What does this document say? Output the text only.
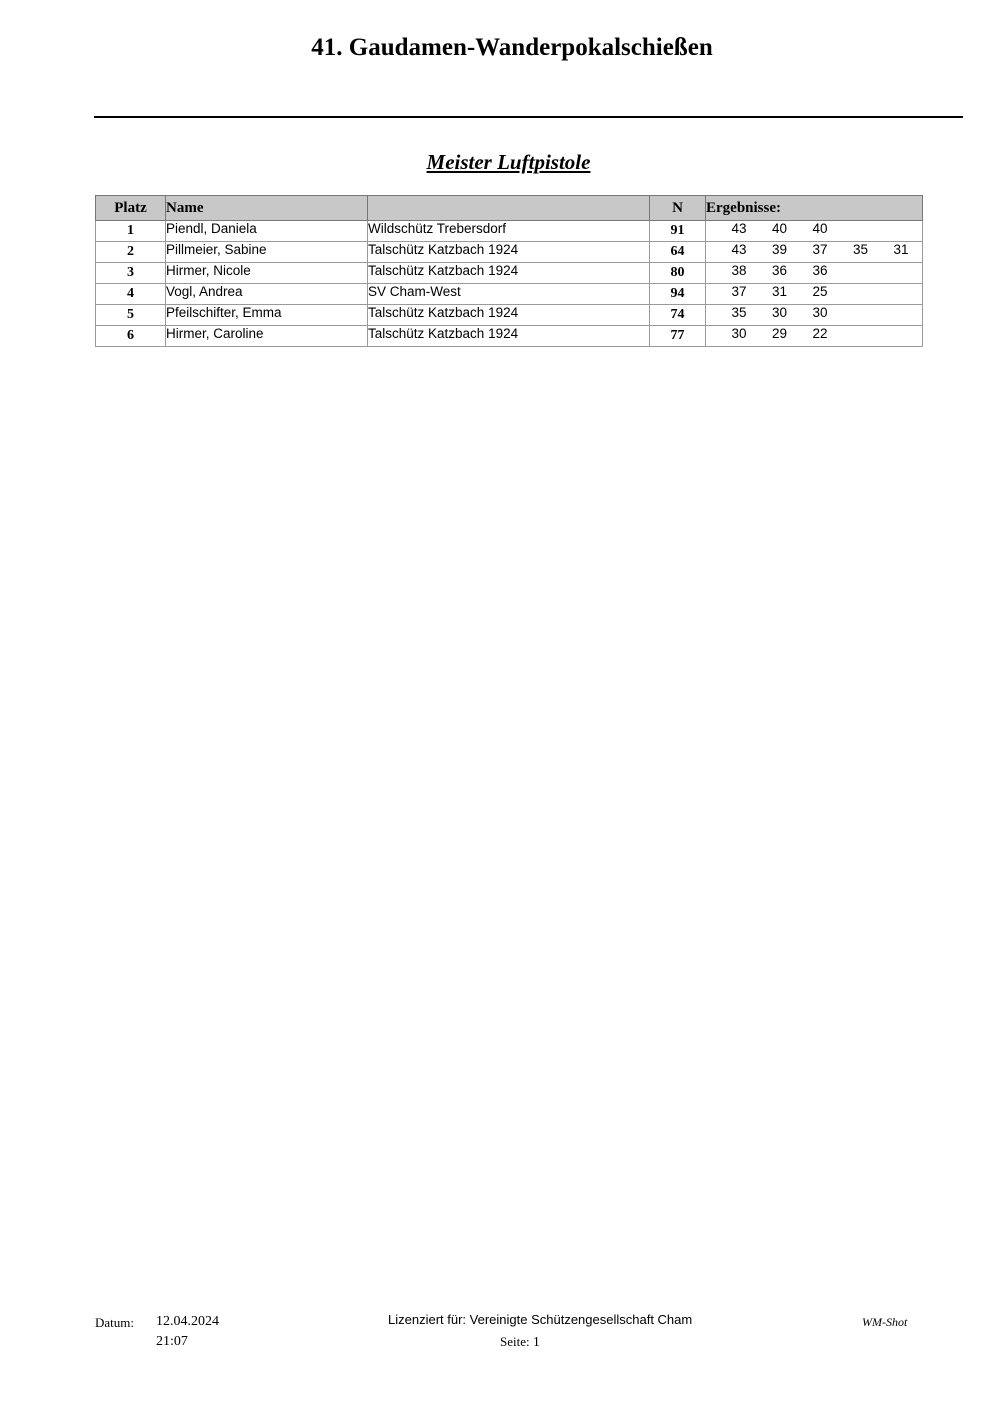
41. Gaudamen-Wanderpokalschießen
Meister Luftpistole
Platz	Name		N	Ergebnisse:
1	Piendl, Daniela	Wildschütz Trebersdorf	91	43 40 40

2	Pillmeier, Sabine	Talschütz Katzbach 1924	64	43 39 37 35 31

3	Hirmer, Nicole	Talschütz Katzbach 1924	80	38 36 36

4	Vogl, Andrea	SV Cham-West	94	37 31 25

5	Pfeilschifter, Emma	Talschütz Katzbach 1924	74	35 30 30

6	Hirmer, Caroline	Talschütz Katzbach 1924	77	30 29 22
Datum: 12.04.2024
21:07
Lizenziert für: Vereinigte Schützengesellschaft Cham
Seite: 1
WM-Shot
